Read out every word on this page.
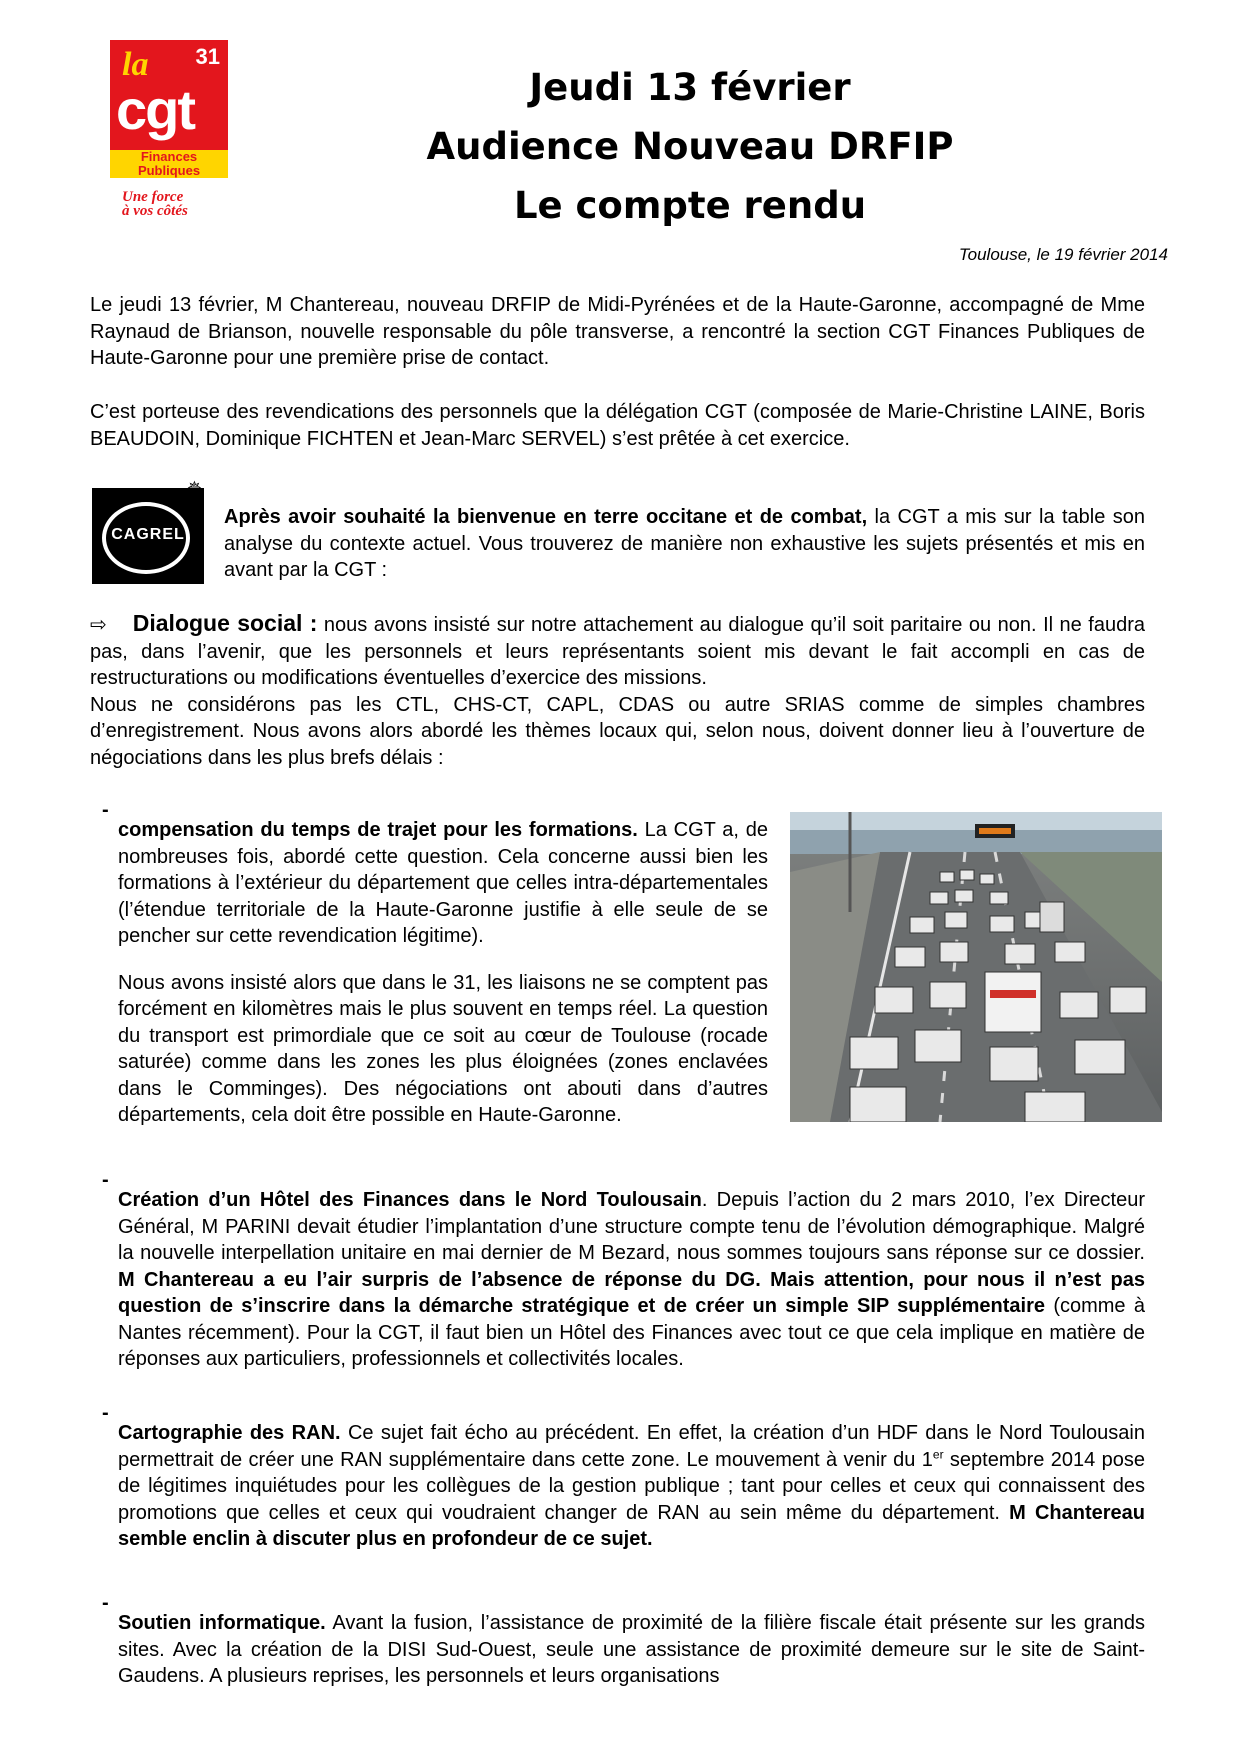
la 31
cgt
Finances
Publiques
Une force
à vos côtés
Jeudi 13 février
Audience Nouveau DRFIP
Le compte rendu
Toulouse, le 19 février 2014
Le jeudi 13 février, M Chantereau, nouveau DRFIP de Midi-Pyrénées et de la Haute-Garonne, accompagné de Mme Raynaud de Brianson, nouvelle responsable du pôle transverse, a rencontré la section CGT Finances Publiques de Haute-Garonne pour une première prise de contact.
C’est porteuse des revendications des personnels que la délégation CGT (composée de Marie-Christine LAINE, Boris BEAUDOIN, Dominique FICHTEN et Jean-Marc SERVEL) s’est prêtée à cet exercice.
✵
CAGREL
Après avoir souhaité la bienvenue en terre occitane et de combat, la CGT a mis sur la table son analyse du contexte actuel. Vous trouverez de manière non exhaustive les sujets présentés et mis en avant par la CGT :

⇨ Dialogue social : nous avons insisté sur notre attachement au dialogue qu’il soit paritaire ou non. Il ne faudra pas, dans l’avenir, que les personnels et leurs représentants soient mis devant le fait accompli en cas de restructurations ou modifications éventuelles d’exercice des missions.

Nous ne considérons pas les CTL, CHS-CT, CAPL, CDAS ou autre SRIAS comme de simples chambres d’enregistrement. Nous avons alors abordé les thèmes locaux qui, selon nous, doivent donner lieu à l’ouverture de négociations dans les plus brefs délais :

-

compensation du temps de trajet pour les formations. La CGT a, de nombreuses fois, abordé cette question. Cela concerne aussi bien les formations à l’extérieur du département que celles intra-départementales (l’étendue territoriale de la Haute-Garonne justifie à elle seule de se pencher sur cette revendication légitime).

Nous avons insisté alors que dans le 31, les liaisons ne se comptent pas forcément en kilomètres mais le plus souvent en temps réel. La question du transport est primordiale que ce soit au cœur de Toulouse (rocade saturée) comme dans les zones les plus éloignées (zones enclavées dans le Comminges). Des négociations ont abouti dans d’autres départements, cela doit être possible en Haute-Garonne.

-

Création d’un Hôtel des Finances dans le Nord Toulousain. Depuis l’action du 2 mars 2010, l’ex Directeur Général, M PARINI devait étudier l’implantation d’une structure compte tenu de l’évolution démographique. Malgré la nouvelle interpellation unitaire en mai dernier de M Bezard, nous sommes toujours sans réponse sur ce dossier. M Chantereau a eu l’air surpris de l’absence de réponse du DG. Mais attention, pour nous il n’est pas question de s’inscrire dans la démarche stratégique et de créer un simple SIP supplémentaire (comme à Nantes récemment). Pour la CGT, il faut bien un Hôtel des Finances avec tout ce que cela implique en matière de réponses aux particuliers, professionnels et collectivités locales.

-

Cartographie des RAN. Ce sujet fait écho au précédent. En effet, la création d’un HDF dans le Nord Toulousain permettrait de créer une RAN supplémentaire dans cette zone. Le mouvement à venir du 1er septembre 2014 pose de légitimes inquiétudes pour les collègues de la gestion publique ; tant pour celles et ceux qui connaissent des promotions que celles et ceux qui voudraient changer de RAN au sein même du département. M Chantereau semble enclin à discuter plus en profondeur de ce sujet.

-

Soutien informatique. Avant la fusion, l’assistance de proximité de la filière fiscale était présente sur les grands sites. Avec la création de la DISI Sud-Ouest, seule une assistance de proximité demeure sur le site de Saint-Gaudens. A plusieurs reprises, les personnels et leurs organisations
